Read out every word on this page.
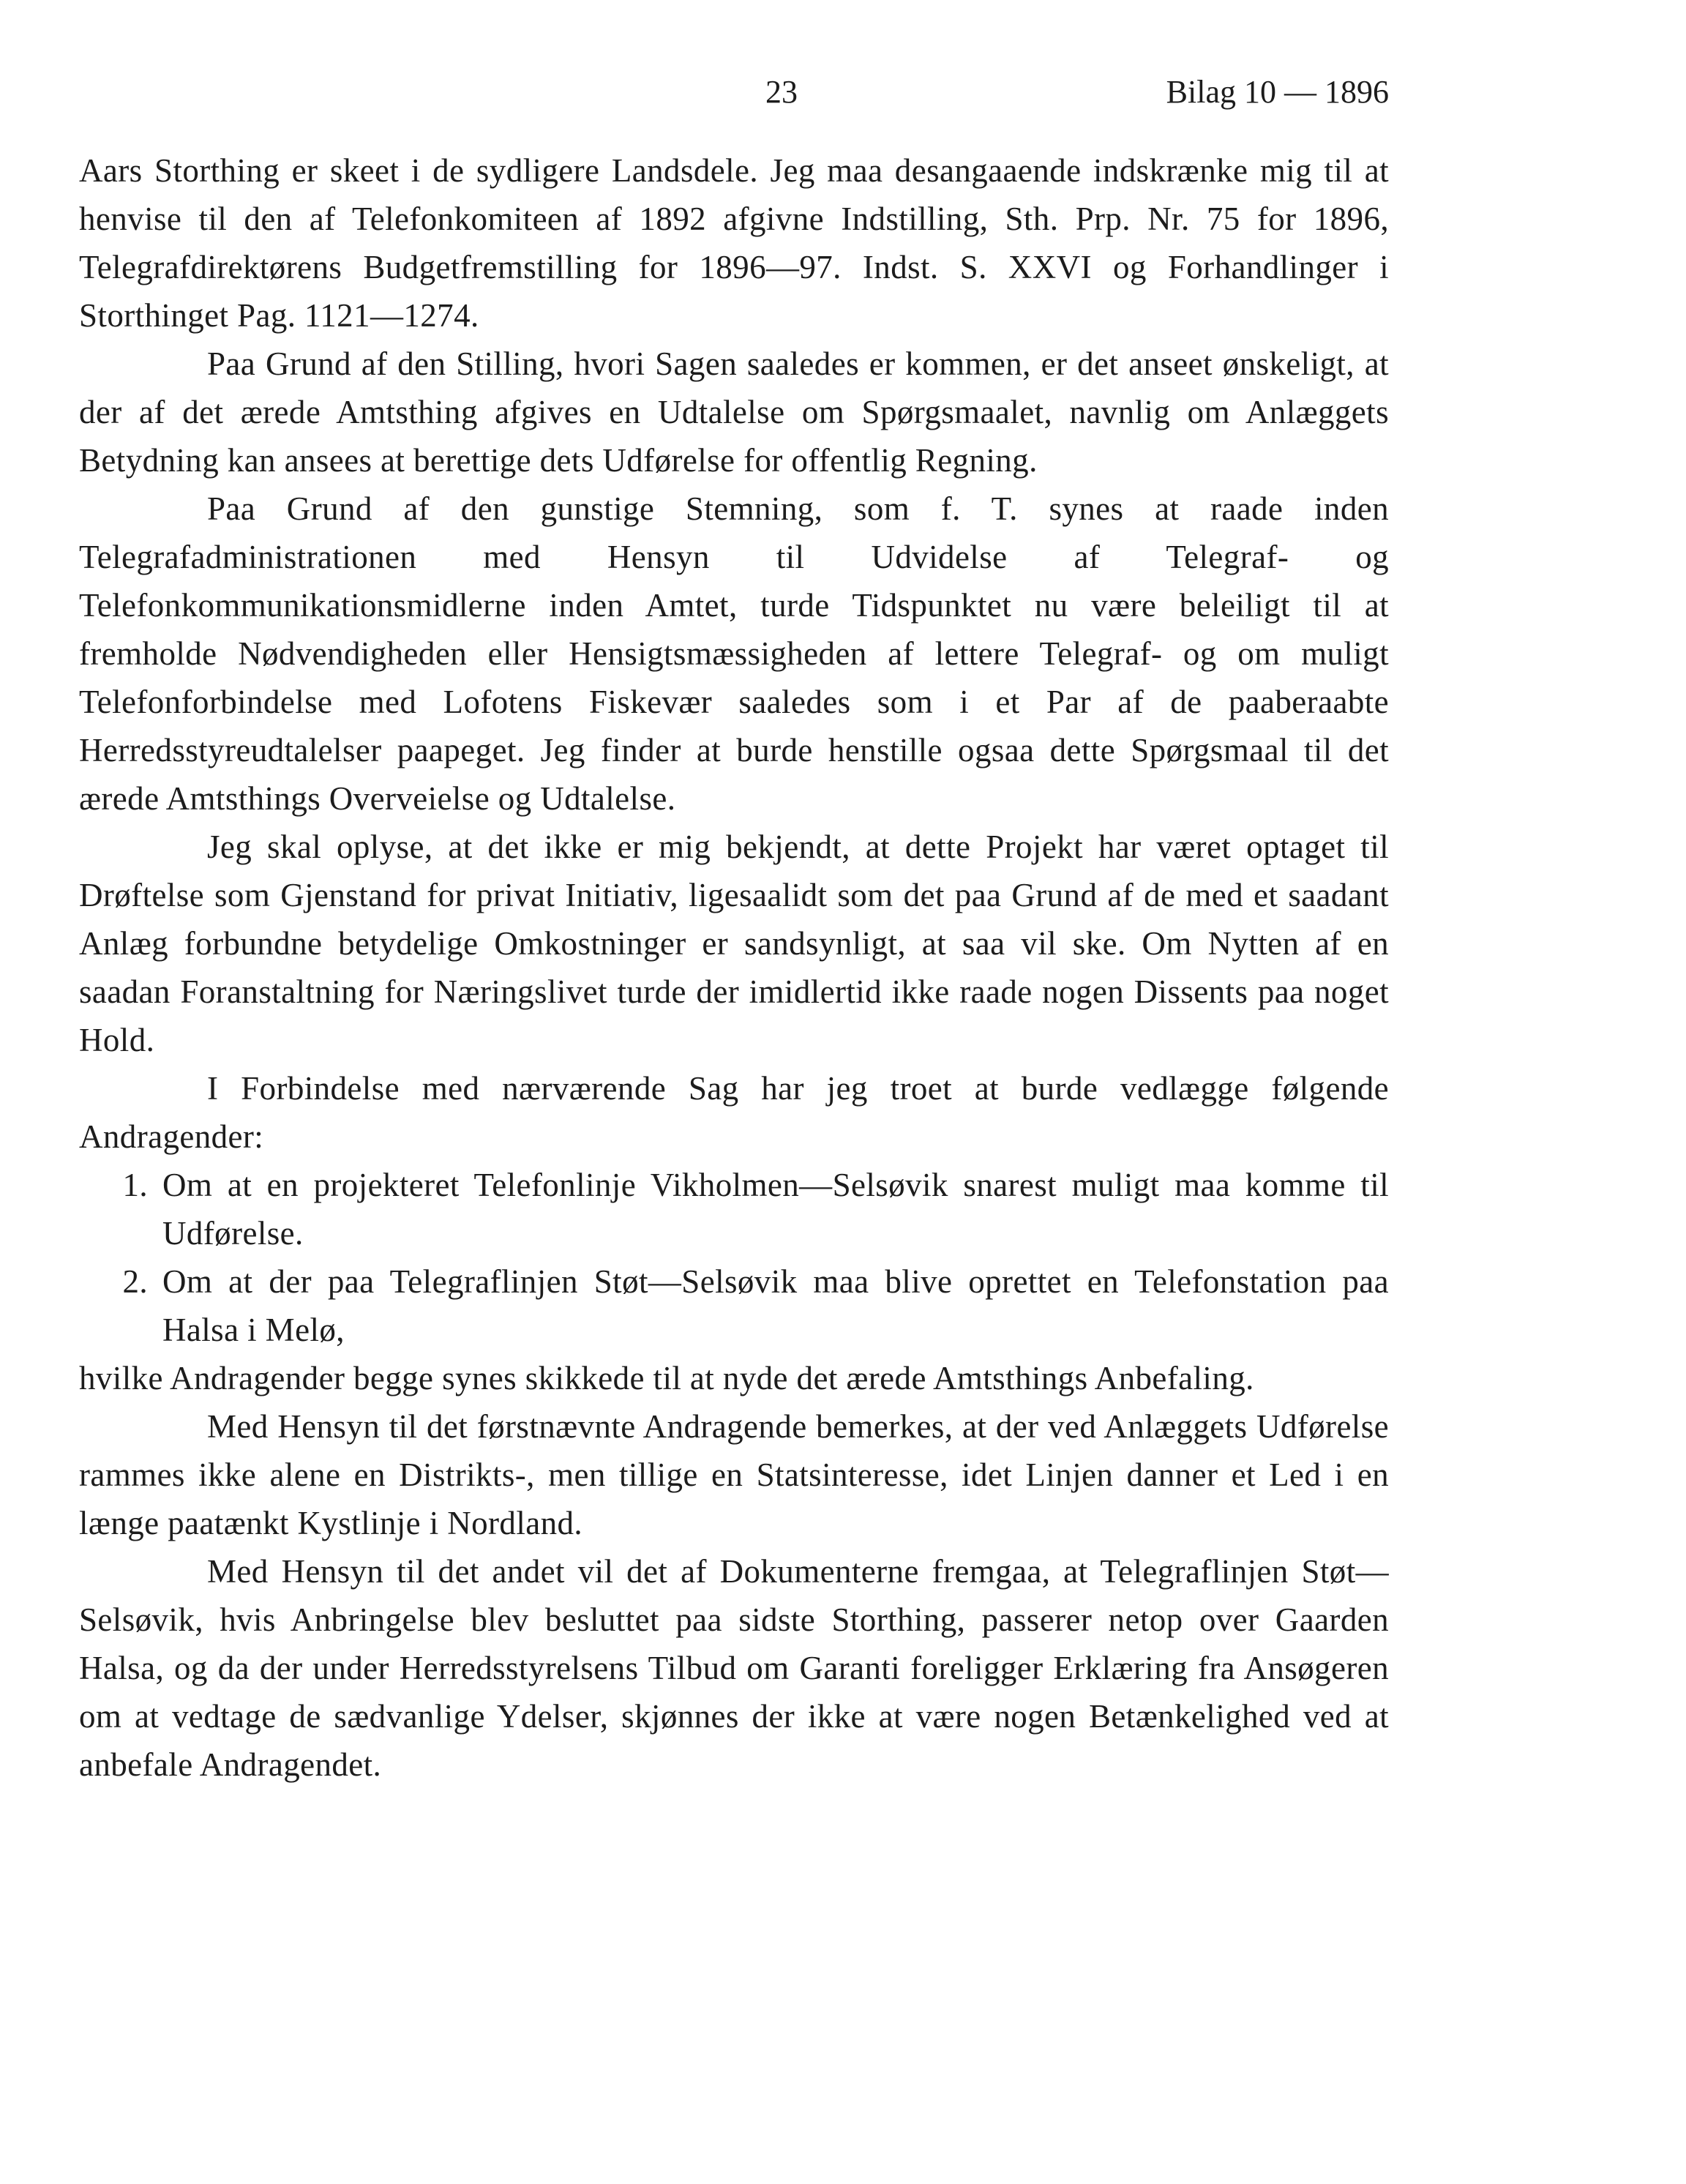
23	Bilag 10 — 1896

Aars Storthing er skeet i de sydligere Landsdele. Jeg maa desangaaende indskrænke mig til at henvise til den af Telefonkomiteen af 1892 afgivne Indstilling, Sth. Prp. Nr. 75 for 1896, Telegrafdirektørens Budgetfremstilling for 1896—97. Indst. S. XXVI og Forhandlinger i Storthinget Pag. 1121—1274.

Paa Grund af den Stilling, hvori Sagen saaledes er kommen, er det anseet ønskeligt, at der af det ærede Amtsthing afgives en Udtalelse om Spørgsmaalet, navnlig om Anlæggets Betydning kan ansees at berettige dets Udførelse for offentlig Regning.

Paa Grund af den gunstige Stemning, som f. T. synes at raade inden Telegrafadministrationen med Hensyn til Udvidelse af Telegraf- og Telefonkommunikationsmidlerne inden Amtet, turde Tidspunktet nu være beleiligt til at fremholde Nødvendigheden eller Hensigtsmæssigheden af lettere Telegraf- og om muligt Telefonforbindelse med Lofotens Fiskevær saaledes som i et Par af de paaberaabte Herredsstyreudtalelser paapeget. Jeg finder at burde henstille ogsaa dette Spørgsmaal til det ærede Amtsthings Overveielse og Udtalelse.

Jeg skal oplyse, at det ikke er mig bekjendt, at dette Projekt har været optaget til Drøftelse som Gjenstand for privat Initiativ, ligesaalidt som det paa Grund af de med et saadant Anlæg forbundne betydelige Omkostninger er sandsynligt, at saa vil ske. Om Nytten af en saadan Foranstaltning for Næringslivet turde der imidlertid ikke raade nogen Dissents paa noget Hold.

I Forbindelse med nærværende Sag har jeg troet at burde vedlægge følgende Andragender:

1. Om at en projekteret Telefonlinje Vikholmen—Selsøvik snarest muligt maa komme til Udførelse.
2. Om at der paa Telegraflinjen Støt—Selsøvik maa blive oprettet en Telefonstation paa Halsa i Melø,

hvilke Andragender begge synes skikkede til at nyde det ærede Amtsthings Anbefaling.

Med Hensyn til det førstnævnte Andragende bemerkes, at der ved Anlæggets Udførelse rammes ikke alene en Distrikts-, men tillige en Statsinteresse, idet Linjen danner et Led i en længe paatænkt Kystlinje i Nordland.

Med Hensyn til det andet vil det af Dokumenterne fremgaa, at Telegraflinjen Støt—Selsøvik, hvis Anbringelse blev besluttet paa sidste Storthing, passerer netop over Gaarden Halsa, og da der under Herredsstyrelsens Tilbud om Garanti foreligger Erklæring fra Ansøgeren om at vedtage de sædvanlige Ydelser, skjønnes der ikke at være nogen Betænkelighed ved at anbefale Andragendet.
